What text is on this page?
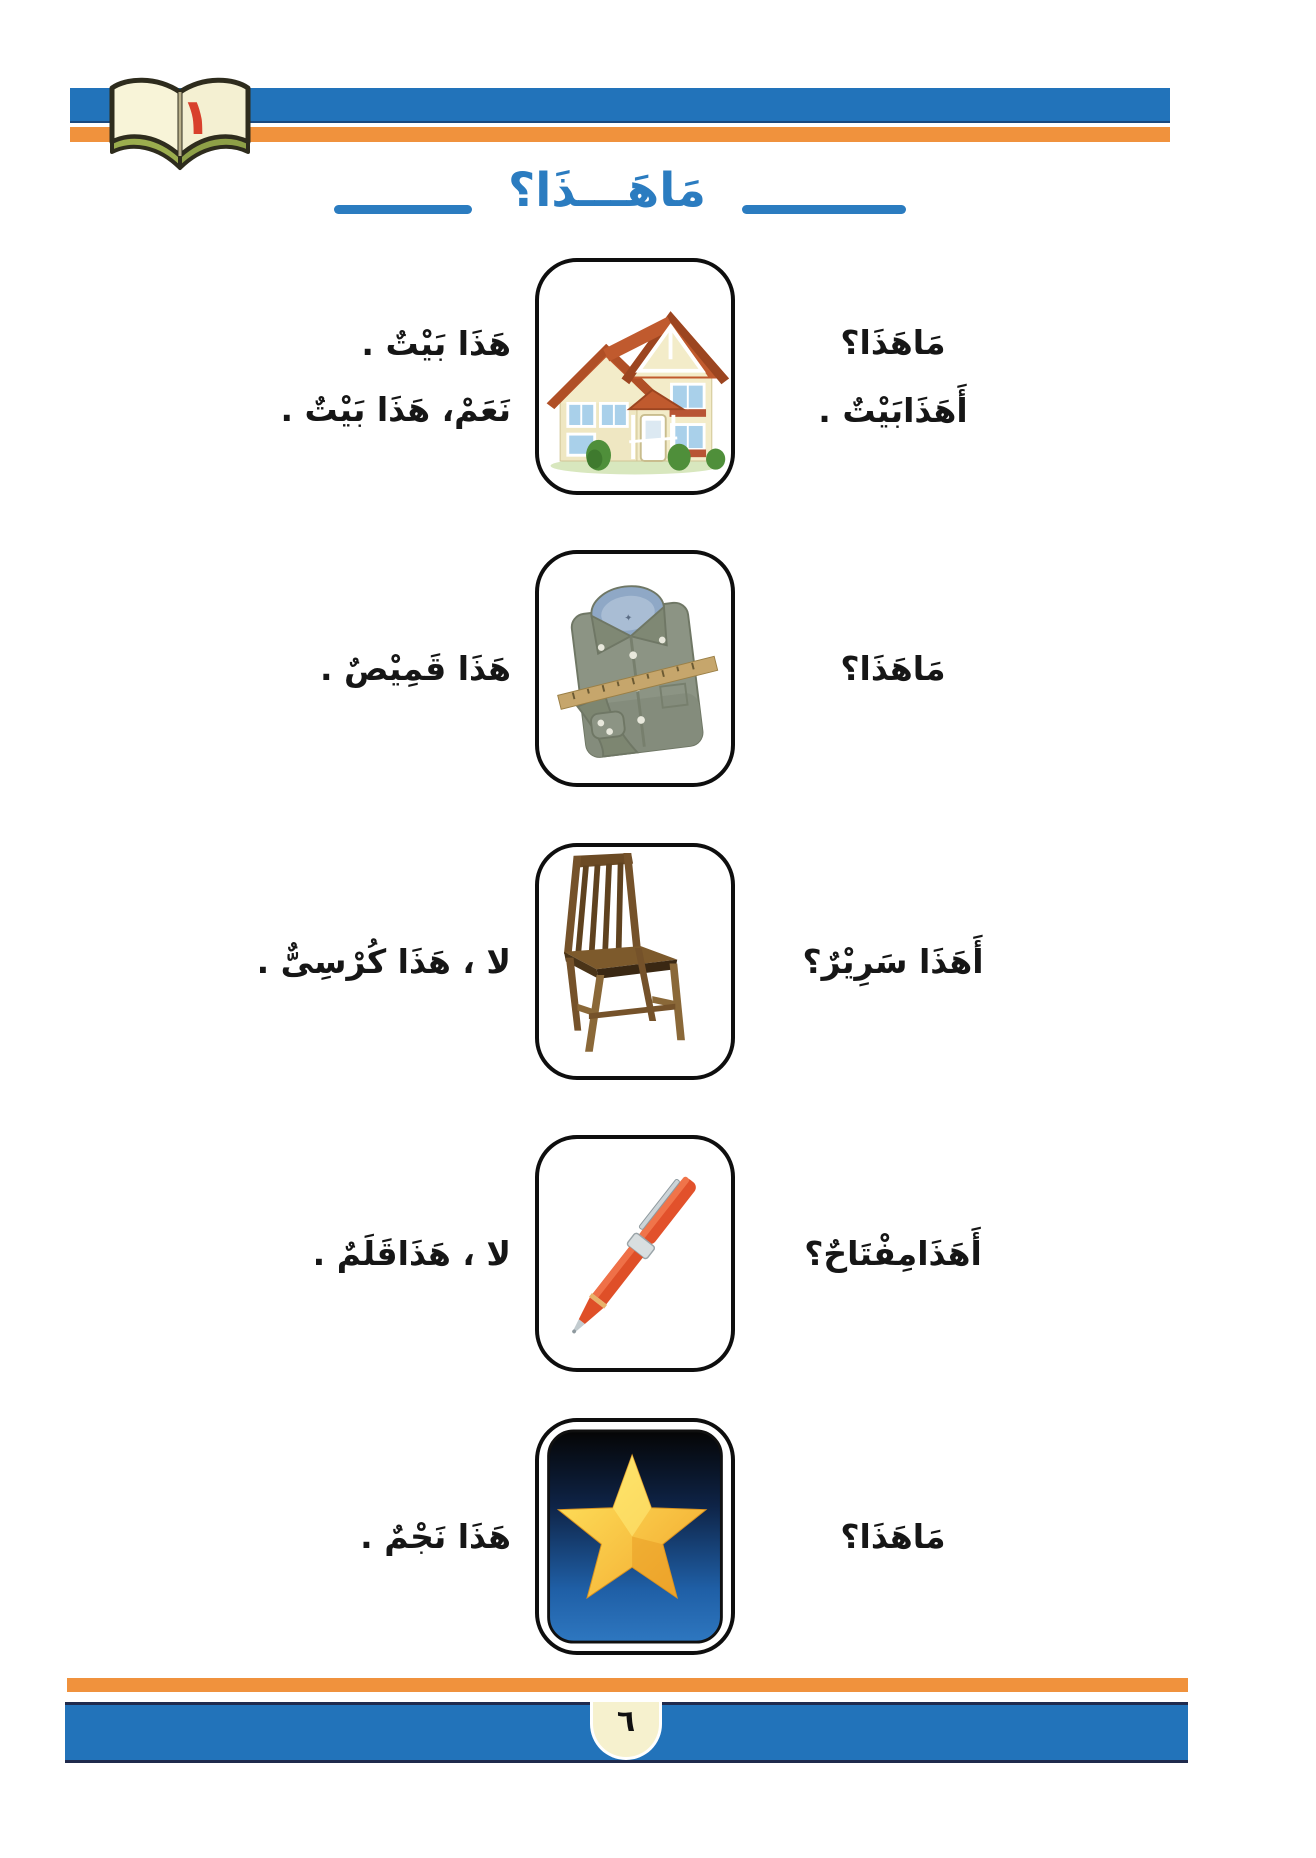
١

مَاهَـــذَا؟

هَذَا بَيْتٌ .

نَعَمْ، هَذَا بَيْتٌ .

مَاهَذَا؟

أَهَذَابَيْتٌ .

هَذَا قَمِيْصٌ .

✦

مَاهَذَا؟

لا ، هَذَا كُرْسِىٌّ .	أَهَذَا سَرِيْرٌ؟

لا ، هَذَاقَلَمٌ .	أَهَذَامِفْتَاحٌ؟

هَذَا نَجْمٌ .	مَاهَذَا؟

٦
